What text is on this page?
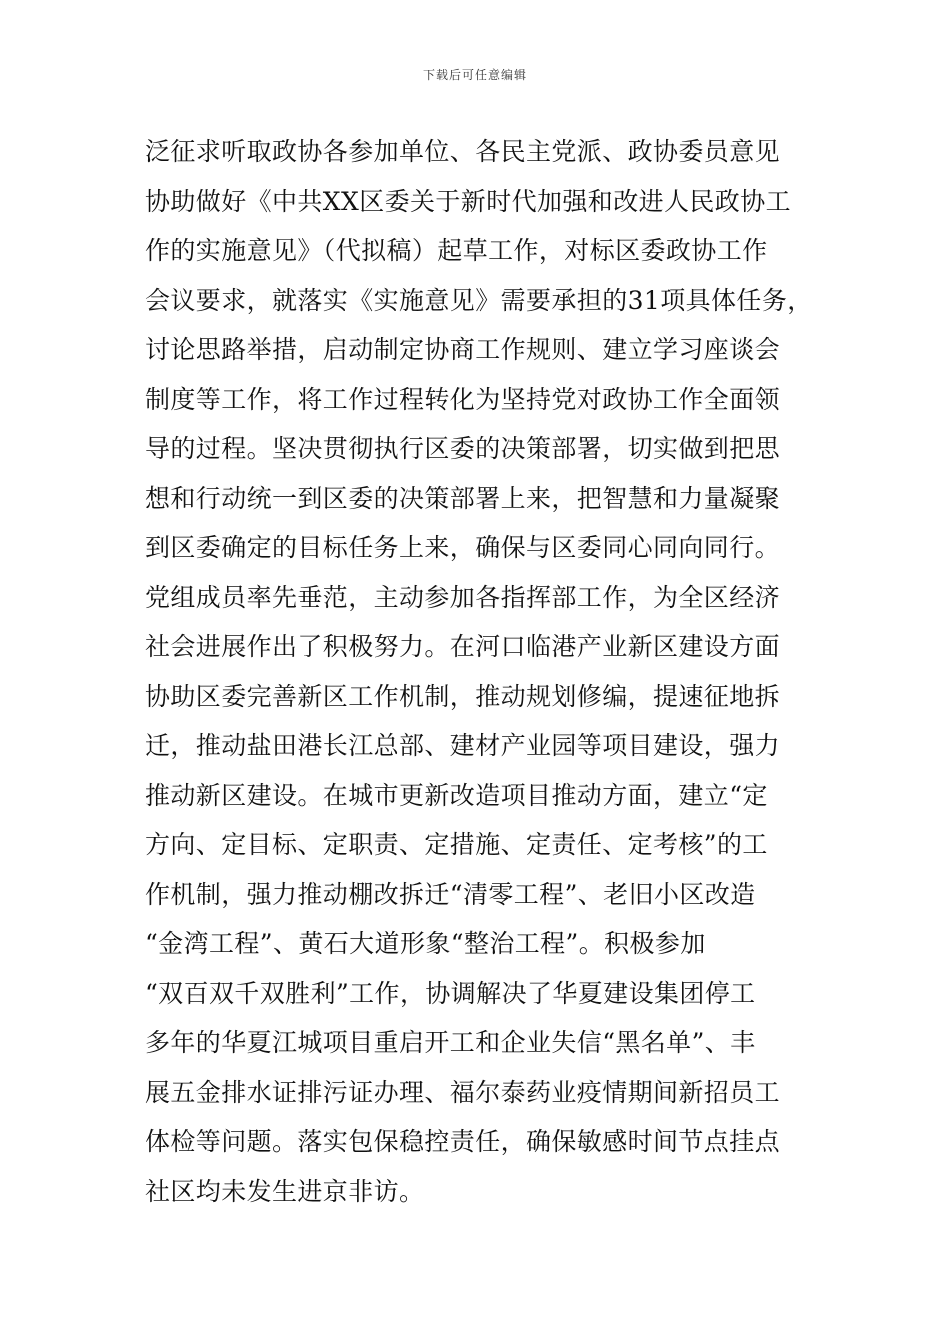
下载后可任意编辑
泛征求听取政协各参加单位、各民主党派、政协委员意见
协助做好《中共XX区委关于新时代加强和改进人民政协工
作的实施意见》（代拟稿）起草工作，对标区委政协工作
会议要求，就落实《实施意见》需要承担的31项具体任务，
讨论思路举措，启动制定协商工作规则、建立学习座谈会
制度等工作，将工作过程转化为坚持党对政协工作全面领
导的过程。坚决贯彻执行区委的决策部署，切实做到把思
想和行动统一到区委的决策部署上来，把智慧和力量凝聚
到区委确定的目标任务上来，确保与区委同心同向同行。
党组成员率先垂范，主动参加各指挥部工作，为全区经济
社会进展作出了积极努力。在河口临港产业新区建设方面
协助区委完善新区工作机制，推动规划修编，提速征地拆
迁，推动盐田港长江总部、建材产业园等项目建设，强力
推动新区建设。在城市更新改造项目推动方面，建立“定
方向、定目标、定职责、定措施、定责任、定考核”的工
作机制，强力推动棚改拆迁“清零工程”、老旧小区改造
“金湾工程”、黄石大道形象“整治工程”。积极参加
“双百双千双胜利”工作，协调解决了华夏建设集团停工
多年的华夏江城项目重启开工和企业失信“黑名单”、丰
展五金排水证排污证办理、福尔泰药业疫情期间新招员工
体检等问题。落实包保稳控责任，确保敏感时间节点挂点
社区均未发生进京非访。
